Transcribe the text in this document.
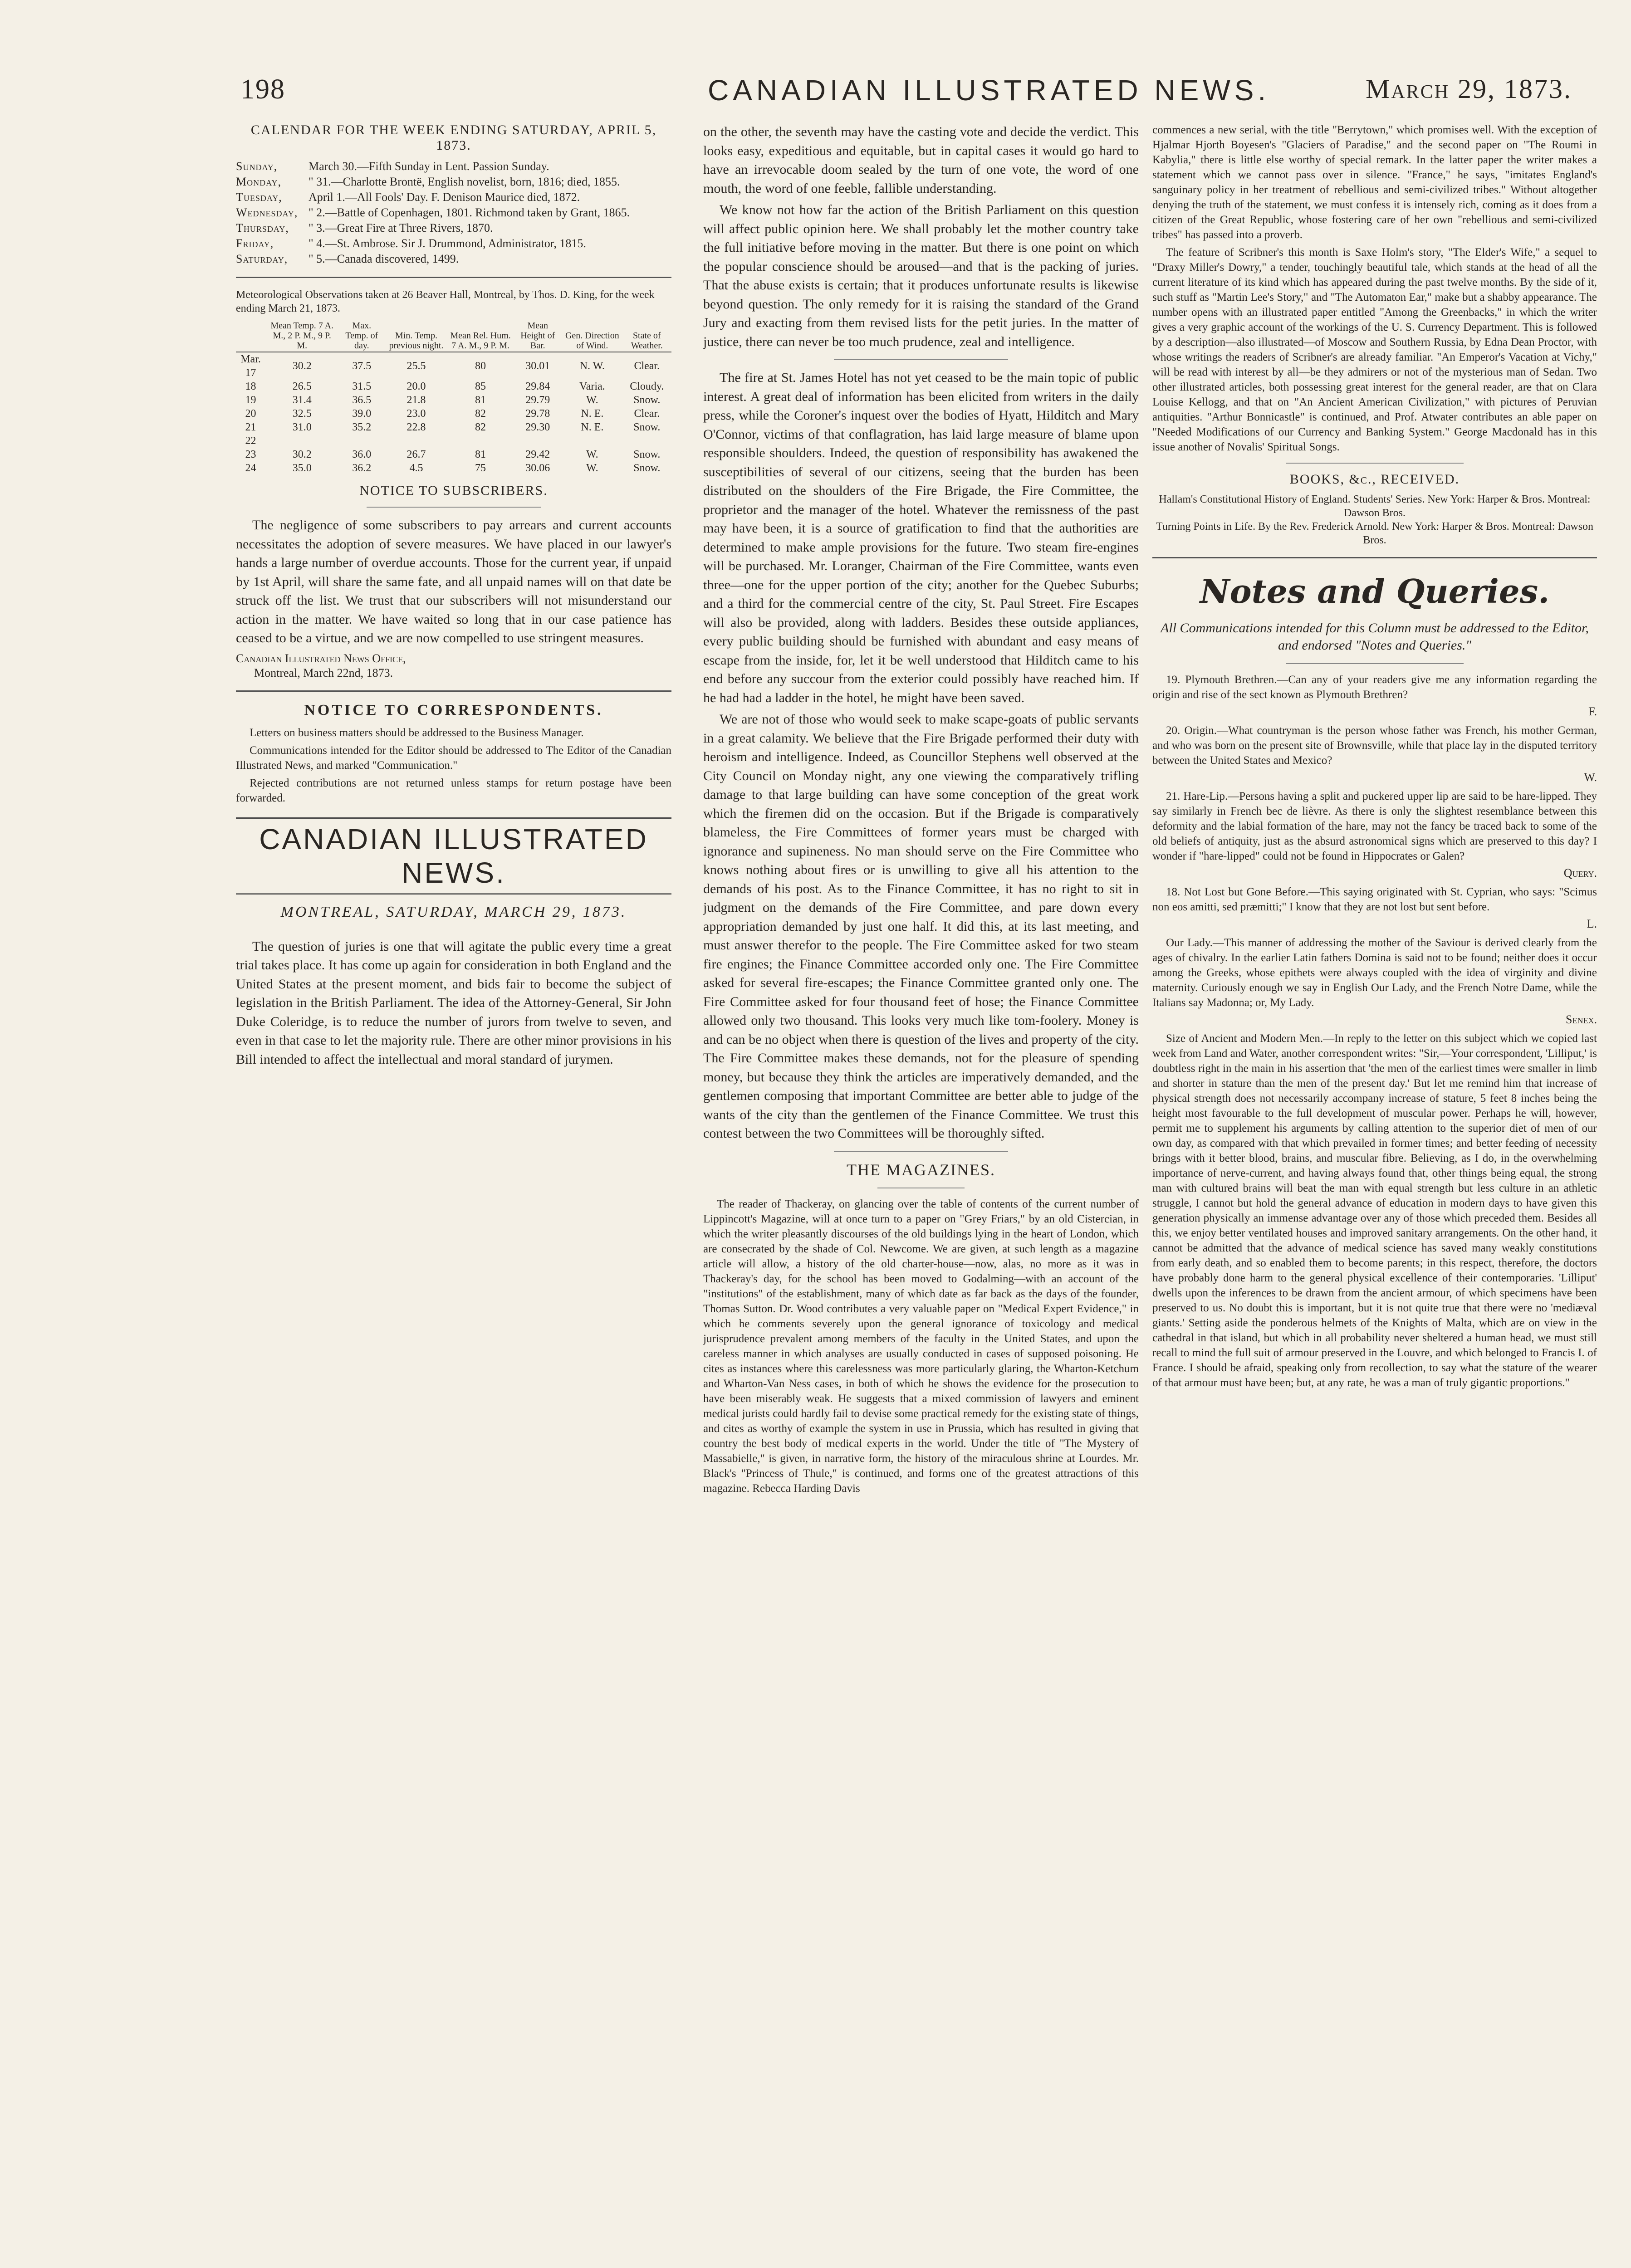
198	CANADIAN ILLUSTRATED NEWS.	March 29, 1873.
CALENDAR FOR THE WEEK ENDING SATURDAY, APRIL 5, 1873.
Sunday,	March 30.—Fifth Sunday in Lent. Passion Sunday.
Monday,	" 31.—Charlotte Brontë, English novelist, born, 1816; died, 1855.
Tuesday,	April 1.—All Fools' Day. F. Denison Maurice died, 1872.
Wednesday, " 2.—Battle of Copenhagen, 1801. Richmond taken by Grant, 1865.
Thursday,	" 3.—Great Fire at Three Rivers, 1870.
Friday,	" 4.—St. Ambrose. Sir J. Drummond, Administrator, 1815.
Saturday,	" 5.—Canada discovered, 1499.
Meteorological Observations taken at 26 Beaver Hall, Montreal, by Thos. D. King, for the week ending March 21, 1873.
	Mean Temp. 7 A. M., 2 P. M., 9 P. M.	Max. Temp. of day.	Min. Temp. previous night.	Mean Rel. Hum. 7 A. M., 9 P. M.	Mean Height of Bar.	Gen. Direction of Wind.	State of Weather.
Mar. 17	30.2	37.5	25.5	80	30.01	N. W.	Clear.
18	26.5	31.5	20.0	85	29.84	Varia.	Cloudy.
19	31.4	36.5	21.8	81	29.79	W.	Snow.
20	32.5	39.0	23.0	82	29.78	N. E.	Clear.
21	31.0	35.2	22.8	82	29.30	N. E.	Snow.
22							
23	30.2	36.0	26.7	81	29.42	W.	Snow.
24	35.0	36.2	4.5	75	30.06	W.	Snow.
NOTICE TO SUBSCRIBERS.

The negligence of some subscribers to pay arrears and current accounts necessitates the adoption of severe measures. We have placed in our lawyer's hands a large number of overdue accounts. Those for the current year, if unpaid by 1st April, will share the same fate, and all unpaid names will on that date be struck off the list. We trust that our subscribers will not misunderstand our action in the matter. We have waited so long that in our case patience has ceased to be a virtue, and we are now compelled to use stringent measures.

Canadian Illustrated News Office,
Montreal, March 22nd, 1873.
NOTICE TO CORRESPONDENTS.

Letters on business matters should be addressed to the Business Manager.

Communications intended for the Editor should be addressed to The Editor of the Canadian Illustrated News, and marked "Communication."

Rejected contributions are not returned unless stamps for return postage have been forwarded.

CANADIAN ILLUSTRATED NEWS.
MONTREAL, SATURDAY, MARCH 29, 1873.

The question of juries is one that will agitate the public every time a great trial takes place. It has come up again for consideration in both England and the United States at the present moment, and bids fair to become the subject of legislation in the British Parliament. The idea of the Attorney-General, Sir John Duke Coleridge, is to reduce the number of jurors from twelve to seven, and even in that case to let the majority rule. There are other minor provisions in his Bill intended to affect the intellectual and moral standard of jurymen.

on the other, the seventh may have the casting vote and decide the verdict. This looks easy, expeditious and equitable, but in capital cases it would go hard to have an irrevocable doom sealed by the turn of one vote, the word of one mouth, the word of one feeble, fallible understanding.

We know not how far the action of the British Parliament on this question will affect public opinion here. We shall probably let the mother country take the full initiative before moving in the matter. But there is one point on which the popular conscience should be aroused—and that is the packing of juries. That the abuse exists is certain; that it produces unfortunate results is likewise beyond question. The only remedy for it is raising the standard of the Grand Jury and exacting from them revised lists for the petit juries. In the matter of justice, there can never be too much prudence, zeal and intelligence.

The fire at St. James Hotel has not yet ceased to be the main topic of public interest. A great deal of information has been elicited from writers in the daily press, while the Coroner's inquest over the bodies of Hyatt, Hilditch and Mary O'Connor, victims of that conflagration, has laid large measure of blame upon responsible shoulders. Indeed, the question of responsibility has awakened the susceptibilities of several of our citizens, seeing that the burden has been distributed on the shoulders of the Fire Brigade, the Fire Committee, the proprietor and the manager of the hotel. Whatever the remissness of the past may have been, it is a source of gratification to find that the authorities are determined to make ample provisions for the future. Two steam fire-engines will be purchased. Mr. Loranger, Chairman of the Fire Committee, wants even three—one for the upper portion of the city; another for the Quebec Suburbs; and a third for the commercial centre of the city, St. Paul Street. Fire Escapes will also be provided, along with ladders. Besides these outside appliances, every public building should be furnished with abundant and easy means of escape from the inside, for, let it be well understood that Hilditch came to his end before any succour from the exterior could possibly have reached him. If he had had a ladder in the hotel, he might have been saved.

We are not of those who would seek to make scape-goats of public servants in a great calamity. We believe that the Fire Brigade performed their duty with heroism and intelligence. Indeed, as Councillor Stephens well observed at the City Council on Monday night, any one viewing the comparatively trifling damage to that large building can have some conception of the great work which the firemen did on the occasion. But if the Brigade is comparatively blameless, the Fire Committees of former years must be charged with ignorance and supineness. No man should serve on the Fire Committee who knows nothing about fires or is unwilling to give all his attention to the demands of his post. As to the Finance Committee, it has no right to sit in judgment on the demands of the Fire Committee, and pare down every appropriation demanded by just one half. It did this, at its last meeting, and must answer therefor to the people. The Fire Committee asked for two steam fire engines; the Finance Committee accorded only one. The Fire Committee asked for several fire-escapes; the Finance Committee granted only one. The Fire Committee asked for four thousand feet of hose; the Finance Committee allowed only two thousand. This looks very much like tom-foolery. Money is and can be no object when there is question of the lives and property of the city. The Fire Committee makes these demands, not for the pleasure of spending money, but because they think the articles are imperatively demanded, and the gentlemen composing that important Committee are better able to judge of the wants of the city than the gentlemen of the Finance Committee. We trust this contest between the two Committees will be thoroughly sifted.

THE MAGAZINES.

The reader of Thackeray, on glancing over the table of contents of the current number of Lippincott's Magazine, will at once turn to a paper on "Grey Friars," by an old Cistercian, in which the writer pleasantly discourses of the old buildings lying in the heart of London, which are consecrated by the shade of Col. Newcome. We are given, at such length as a magazine article will allow, a history of the old charter-house—now, alas, no more as it was in Thackeray's day, for the school has been moved to Godalming—with an account of the "institutions" of the establishment, many of which date as far back as the days of the founder, Thomas Sutton. Dr. Wood contributes a very valuable paper on "Medical Expert Evidence," in which he comments severely upon the general ignorance of toxicology and medical jurisprudence prevalent among members of the faculty in the United States, and upon the careless manner in which analyses are usually conducted in cases of supposed poisoning. He cites as instances where this carelessness was more particularly glaring, the Wharton-Ketchum and Wharton-Van Ness cases, in both of which he shows the evidence for the prosecution to have been miserably weak. He suggests that a mixed commission of lawyers and eminent medical jurists could hardly fail to devise some practical remedy for the existing state of things, and cites as worthy of example the system in use in Prussia, which has resulted in giving that country the best body of medical experts in the world. Under the title of "The Mystery of Massabielle," is given, in narrative form, the history of the miraculous shrine at Lourdes. Mr. Black's "Princess of Thule," is continued, and forms one of the greatest attractions of this magazine. Rebecca Harding Davis

commences a new serial, with the title "Berrytown," which promises well. With the exception of Hjalmar Hjorth Boyesen's "Glaciers of Paradise," and the second paper on "The Roumi in Kabylia," there is little else worthy of special remark. In the latter paper the writer makes a statement which we cannot pass over in silence. "France," he says, "imitates England's sanguinary policy in her treatment of rebellious and semi-civilized tribes." Without altogether denying the truth of the statement, we must confess it is intensely rich, coming as it does from a citizen of the Great Republic, whose fostering care of her own "rebellious and semi-civilized tribes" has passed into a proverb.

The feature of Scribner's this month is Saxe Holm's story, "The Elder's Wife," a sequel to "Draxy Miller's Dowry," a tender, touchingly beautiful tale, which stands at the head of all the current literature of its kind which has appeared during the past twelve months. By the side of it, such stuff as "Martin Lee's Story," and "The Automaton Ear," make but a shabby appearance. The number opens with an illustrated paper entitled "Among the Greenbacks," in which the writer gives a very graphic account of the workings of the U. S. Currency Department. This is followed by a description—also illustrated—of Moscow and Southern Russia, by Edna Dean Proctor, with whose writings the readers of Scribner's are already familiar. "An Emperor's Vacation at Vichy," will be read with interest by all—be they admirers or not of the mysterious man of Sedan. Two other illustrated articles, both possessing great interest for the general reader, are that on Clara Louise Kellogg, and that on "An Ancient American Civilization," with pictures of Peruvian antiquities. "Arthur Bonnicastle" is continued, and Prof. Atwater contributes an able paper on "Needed Modifications of our Currency and Banking System." George Macdonald has in this issue another of Novalis' Spiritual Songs.

BOOKS, &c., RECEIVED.
Hallam's Constitutional History of England. Students' Series. New York: Harper & Bros. Montreal: Dawson Bros.
Turning Points in Life. By the Rev. Frederick Arnold. New York: Harper & Bros. Montreal: Dawson Bros.
Notes and Queries.
All Communications intended for this Column must be addressed to the Editor, and endorsed "Notes and Queries."

19. Plymouth Brethren.—Can any of your readers give me any information regarding the origin and rise of the sect known as Plymouth Brethren?

F.

20. Origin.—What countryman is the person whose father was French, his mother German, and who was born on the present site of Brownsville, while that place lay in the disputed territory between the United States and Mexico?

W.

21. Hare-Lip.—Persons having a split and puckered upper lip are said to be hare-lipped. They say similarly in French bec de lièvre. As there is only the slightest resemblance between this deformity and the labial formation of the hare, may not the fancy be traced back to some of the old beliefs of antiquity, just as the absurd astronomical signs which are preserved to this day? I wonder if "hare-lipped" could not be found in Hippocrates or Galen?

Query.

18. Not Lost but Gone Before.—This saying originated with St. Cyprian, who says: "Scimus non eos amitti, sed præmitti;" I know that they are not lost but sent before.

L.

Our Lady.—This manner of addressing the mother of the Saviour is derived clearly from the ages of chivalry. In the earlier Latin fathers Domina is said not to be found; neither does it occur among the Greeks, whose epithets were always coupled with the idea of virginity and divine maternity. Curiously enough we say in English Our Lady, and the French Notre Dame, while the Italians say Madonna; or, My Lady.

Senex.

Size of Ancient and Modern Men.—In reply to the letter on this subject which we copied last week from Land and Water, another correspondent writes: "Sir,—Your correspondent, 'Lilliput,' is doubtless right in the main in his assertion that 'the men of the earliest times were smaller in limb and shorter in stature than the men of the present day.' But let me remind him that increase of physical strength does not necessarily accompany increase of stature, 5 feet 8 inches being the height most favourable to the full development of muscular power. Perhaps he will, however, permit me to supplement his arguments by calling attention to the superior diet of men of our own day, as compared with that which prevailed in former times; and better feeding of necessity brings with it better blood, brains, and muscular fibre. Believing, as I do, in the overwhelming importance of nerve-current, and having always found that, other things being equal, the strong man with cultured brains will beat the man with equal strength but less culture in an athletic struggle, I cannot but hold the general advance of education in modern days to have given this generation physically an immense advantage over any of those which preceded them. Besides all this, we enjoy better ventilated houses and improved sanitary arrangements. On the other hand, it cannot be admitted that the advance of medical science has saved many weakly constitutions from early death, and so enabled them to become parents; in this respect, therefore, the doctors have probably done harm to the general physical excellence of their contemporaries. 'Lilliput' dwells upon the inferences to be drawn from the ancient armour, of which specimens have been preserved to us. No doubt this is important, but it is not quite true that there were no 'mediæval giants.' Setting aside the ponderous helmets of the Knights of Malta, which are on view in the cathedral in that island, but which in all probability never sheltered a human head, we must still recall to mind the full suit of armour preserved in the Louvre, and which belonged to Francis I. of France. I should be afraid, speaking only from recollection, to say what the stature of the wearer of that armour must have been; but, at any rate, he was a man of truly gigantic proportions."
